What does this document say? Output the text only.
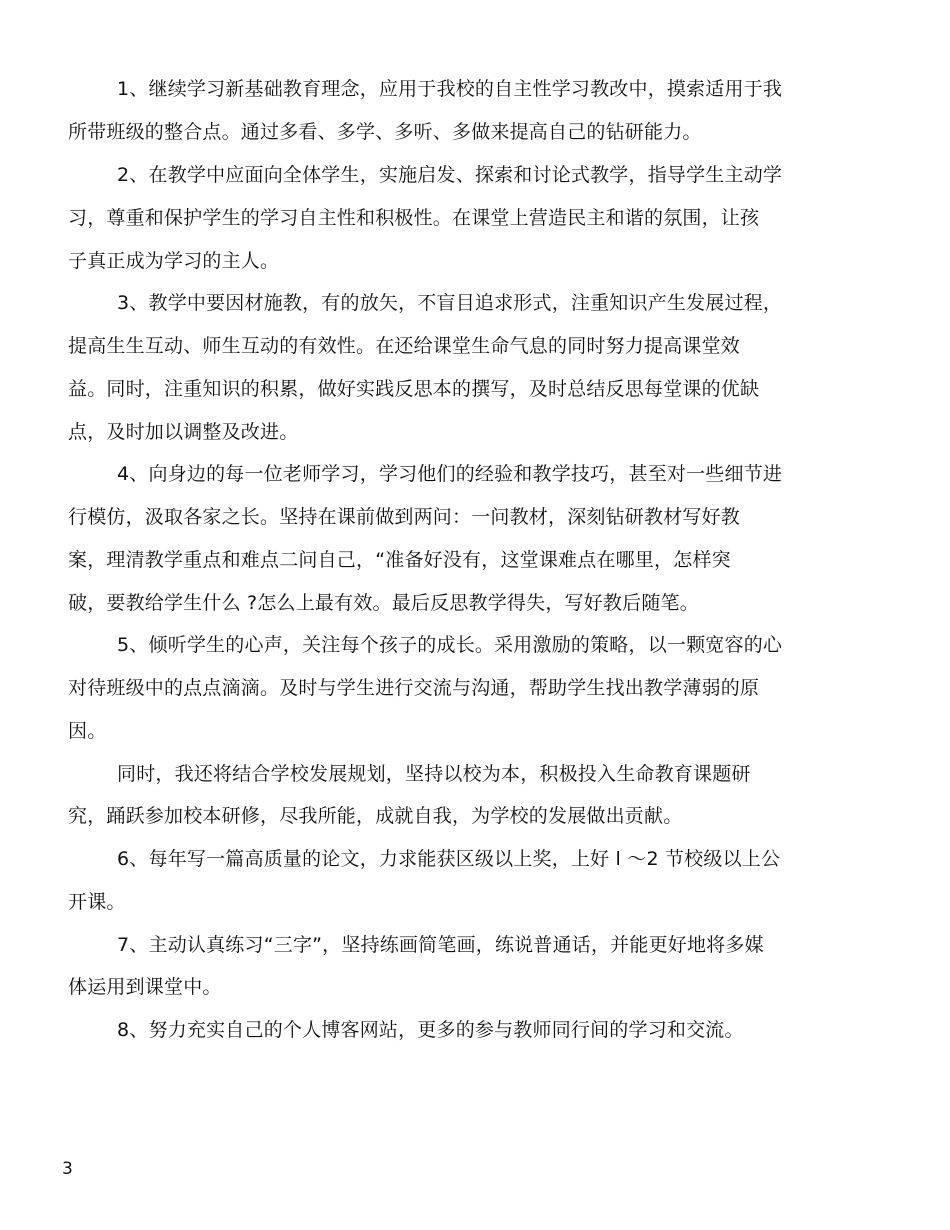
1、继续学习新基础教育理念，应用于我校的自主性学习教改中，摸索适用于我
所带班级的整合点。通过多看、多学、多听、多做来提高自己的钻研能力。
2、在教学中应面向全体学生，实施启发、探索和讨论式教学，指导学生主动学
习，尊重和保护学生的学习自主性和积极性。在课堂上营造民主和谐的氛围，让孩
子真正成为学习的主人。
3、教学中要因材施教，有的放矢，不盲目追求形式，注重知识产生发展过程，
提高生生互动、师生互动的有效性。在还给课堂生命气息的同时努力提高课堂效
益。同时，注重知识的积累，做好实践反思本的撰写，及时总结反思每堂课的优缺
点，及时加以调整及改进。
4、向身边的每一位老师学习，学习他们的经验和教学技巧，甚至对一些细节进
行模仿，汲取各家之长。坚持在课前做到两问：一问教材，深刻钻研教材写好教
案，理清教学重点和难点二问自己，“准备好没有，这堂课难点在哪里，怎样突
破，要教给学生什么 ?怎么上最有效。最后反思教学得失，写好教后随笔。
5、倾听学生的心声，关注每个孩子的成长。采用激励的策略，以一颗宽容的心
对待班级中的点点滴滴。及时与学生进行交流与沟通，帮助学生找出教学薄弱的原
因。
同时，我还将结合学校发展规划，坚持以校为本，积极投入生命教育课题研
究，踊跃参加校本研修，尽我所能，成就自我，为学校的发展做出贡献。
6、每年写一篇高质量的论文，力求能获区级以上奖，上好 l ～2 节校级以上公
开课。
7、主动认真练习“三字”，坚持练画简笔画，练说普通话，并能更好地将多媒
体运用到课堂中。
8、努力充实自己的个人博客网站，更多的参与教师同行间的学习和交流。
3
